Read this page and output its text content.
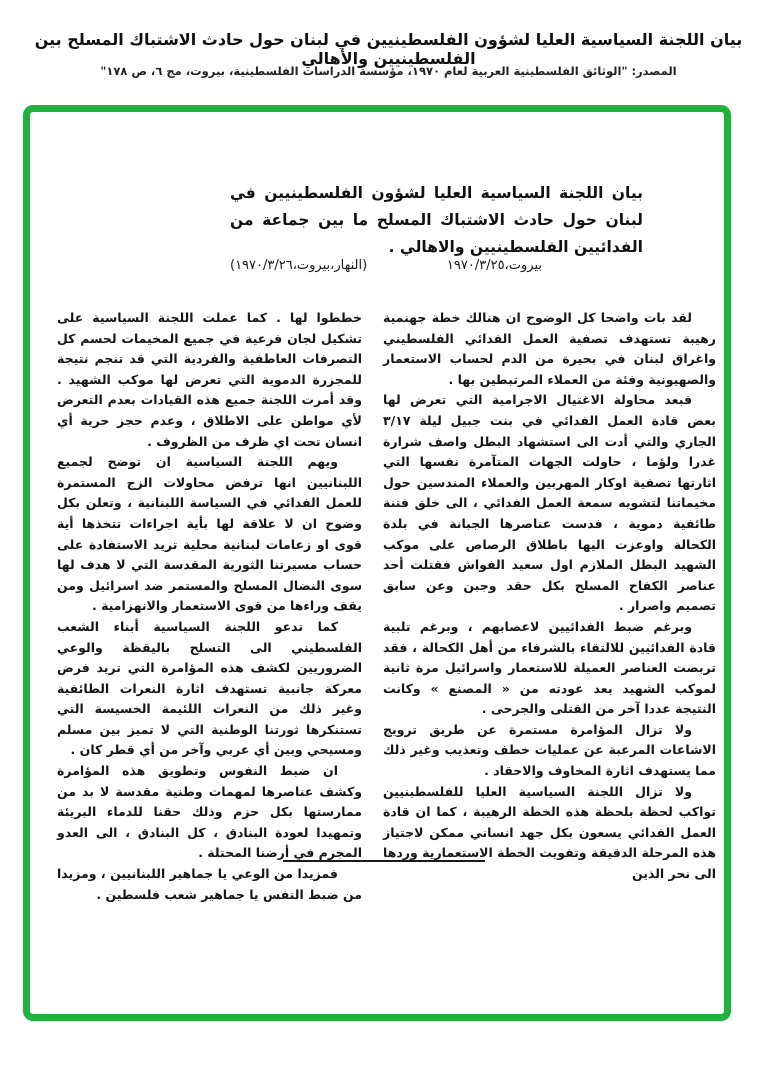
بيان اللجنة السياسية العليا لشؤون الفلسطينيين في لبنان حول حادث الاشتباك المسلح بين الفلسطينيين والأهالي
المصدر: "الوثائق الفلسطينية العربية لعام ١٩٧٠، مؤسسة الدراسات الفلسطينية، بيروت، مج ٦، ص ١٧٨"
بيان اللجنة السياسية العليا لشؤون الفلسطينيين في لبنان حول حادث الاشتباك المسلح ما بين جماعة من الفدائيين الفلسطينيين والاهالي .
بيروت،١٩٧٠/٣/٢٥
(النهار،بيروت،١٩٧٠/٣/٢٦)

لقد بات واضحا كل الوضوح ان هنالك خطة جهنمية رهيبة تستهدف تصفية العمل الفدائي الفلسطيني واغراق لبنان في بحيرة من الدم لحساب الاستعمار والصهيونية وفئة من العملاء المرتبطين بها .

فبعد محاولة الاغتيال الاجرامية التي تعرض لها بعض قادة العمل الفدائي في بنت جبيل ليلة ٣/١٧ الجاري والتي أدت الى استشهاد البطل واصف شرارة غدرا ولؤما ، حاولت الجهات المتآمرة نفسها التي اثارتها تصفية اوكار المهربين والعملاء المندسين حول مخيماتنا لتشويه سمعة العمل الفدائي ، الى خلق فتنة طائفية دموية ، فدست عناصرها الجبانة في بلدة الكحالة واوعزت اليها باطلاق الرصاص على موكب الشهيد البطل الملازم اول سعيد الفواش فقتلت أحد عناصر الكفاح المسلح بكل حقد وجبن وعن سابق تصميم واصرار .

وبرغم ضبط الفدائيين لاعصابهم ، وبرغم تلبية قادة الفدائيين للالتقاء بالشرفاء من أهل الكحالة ، فقد تربصت العناصر العميلة للاستعمار واسرائيل مرة ثانية لموكب الشهيد بعد عودته من « المصنع » وكانت النتيجة عددا آخر من القتلى والجرحى .

ولا تزال المؤامرة مستمرة عن طريق ترويج الاشاعات المرعبة عن عمليات خطف وتعذيب وغير ذلك مما يستهدف اثارة المخاوف والاحقاد .

ولا تزال اللجنة السياسية العليا للفلسطينيين تواكب لحظة بلحظة هذه الخطة الرهيبة ، كما ان قادة العمل الفدائي يسعون بكل جهد انساني ممكن لاجتياز هذه المرحلة الدقيقة وتفويت الخطة الاستعمارية وردها الى نحر الذين

خططوا لها . كما عملت اللجنة السياسية على تشكيل لجان فرعية في جميع المخيمات لحسم كل التصرفات العاطفية والفردية التي قد تنجم نتيجة للمجزرة الدموية التي تعرض لها موكب الشهيد . وقد أمرت اللجنة جميع هذه القيادات بعدم التعرض لأي مواطن على الاطلاق ، وعدم حجز حرية أي انسان تحت اي ظرف من الظروف .

ويهم اللجنة السياسية ان توضح لجميع اللبنانيين انها ترفض محاولات الزج المستمرة للعمل الفدائي في السياسة اللبنانية ، وتعلن بكل وضوح ان لا علاقة لها بأية اجراءات تتخذها أية قوى او زعامات لبنانية محلية تريد الاستفادة على حساب مسيرتنا الثورية المقدسة التي لا هدف لها سوى النضال المسلح والمستمر ضد اسرائيل ومن يقف وراءها من قوى الاستعمار والانهزامية .

كما تدعو اللجنة السياسية أبناء الشعب الفلسطيني الى التسلح باليقظة والوعي الضروريين لكشف هذه المؤامرة التي تريد فرض معركة جانبية تستهدف اثارة النعرات الطائفية وغير ذلك من النعرات اللئيمة الخسيسة التي تستنكرها ثورتنا الوطنية التي لا تميز بين مسلم ومسيحي وبين أي عربي وآخر من أي قطر كان .

ان ضبط النفوس وتطويق هذه المؤامرة وكشف عناصرها لمهمات وطنية مقدسة لا بد من ممارستها بكل حزم وذلك حقنا للدماء البريئة وتمهيدا لعودة البنادق ، كل البنادق ، الى العدو المجرم في أرضنا المحتلة .

فمزيدا من الوعي يا جماهير اللبنانيين ، ومزيدا من ضبط النفس يا جماهير شعب فلسطين .
